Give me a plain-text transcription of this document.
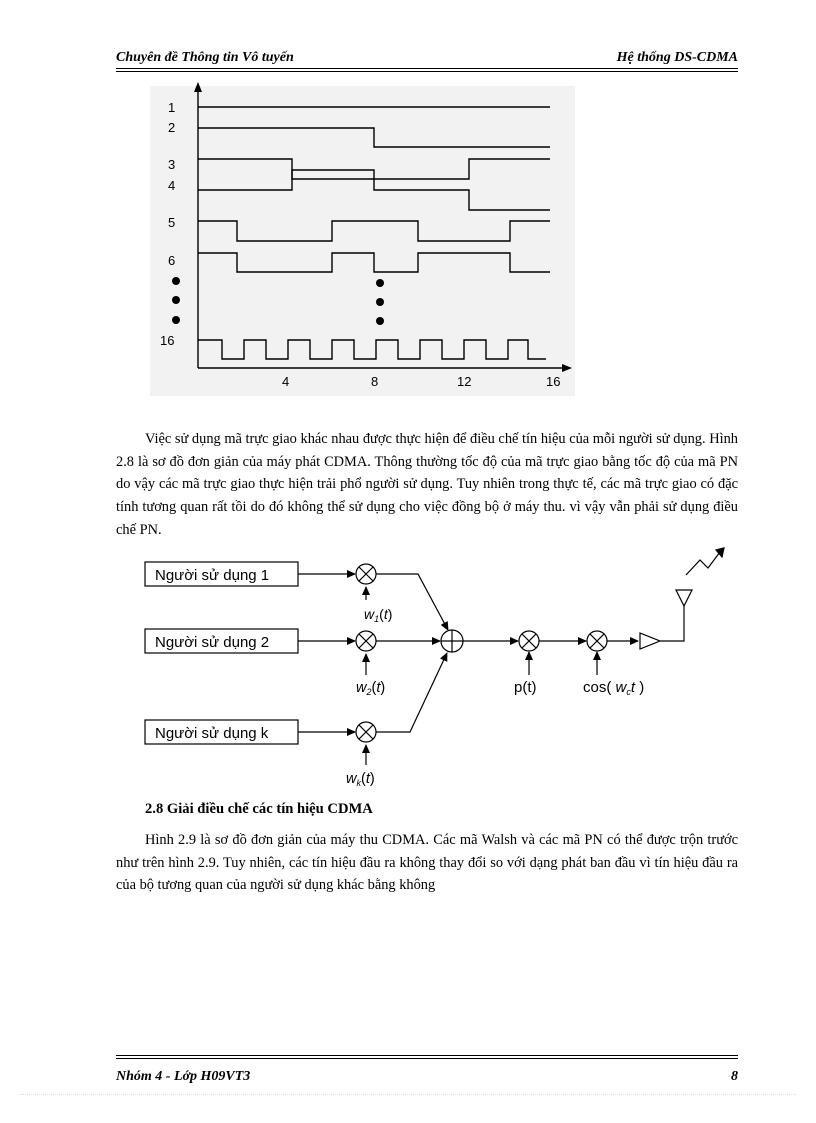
Chuyên đề Thông tin Vô tuyến	Hệ thống DS-CDMA
1
2
3
4
5
6
16
4	8	12	16

Việc sử dụng mã trực giao khác nhau được thực hiện để điều chế tín hiệu của mỗi người sử dụng. Hình 2.8 là sơ đồ đơn giản của máy phát CDMA. Thông thường tốc độ của mã trực giao bằng tốc độ của mã PN do vậy các mã trực giao thực hiện trải phổ người sử dụng. Tuy nhiên trong thực tế, các mã trực giao có đặc tính tương quan rất tồi do đó không thể sử dụng cho việc đồng bộ ở máy thu. vì vậy vẫn phải sử dụng điều chế PN.

Người sử dụng 1
Người sử dụng 2
Người sử dụng k
$w_1(t)$
$w_2(t)$
$w_k(t)$
p(t)	cos( $w_ct$ )

2.8 Giải điều chế các tín hiệu CDMA

Hình 2.9 là sơ đồ đơn giản của máy thu CDMA. Các mã Walsh và các mã PN có thể được trộn trước như trên hình 2.9. Tuy nhiên, các tín hiệu đầu ra không thay đổi so với dạng phát ban đầu vì tín hiệu đầu ra của bộ tương quan của người sử dụng khác bằng không

Nhóm 4 - Lớp H09VT3	8
